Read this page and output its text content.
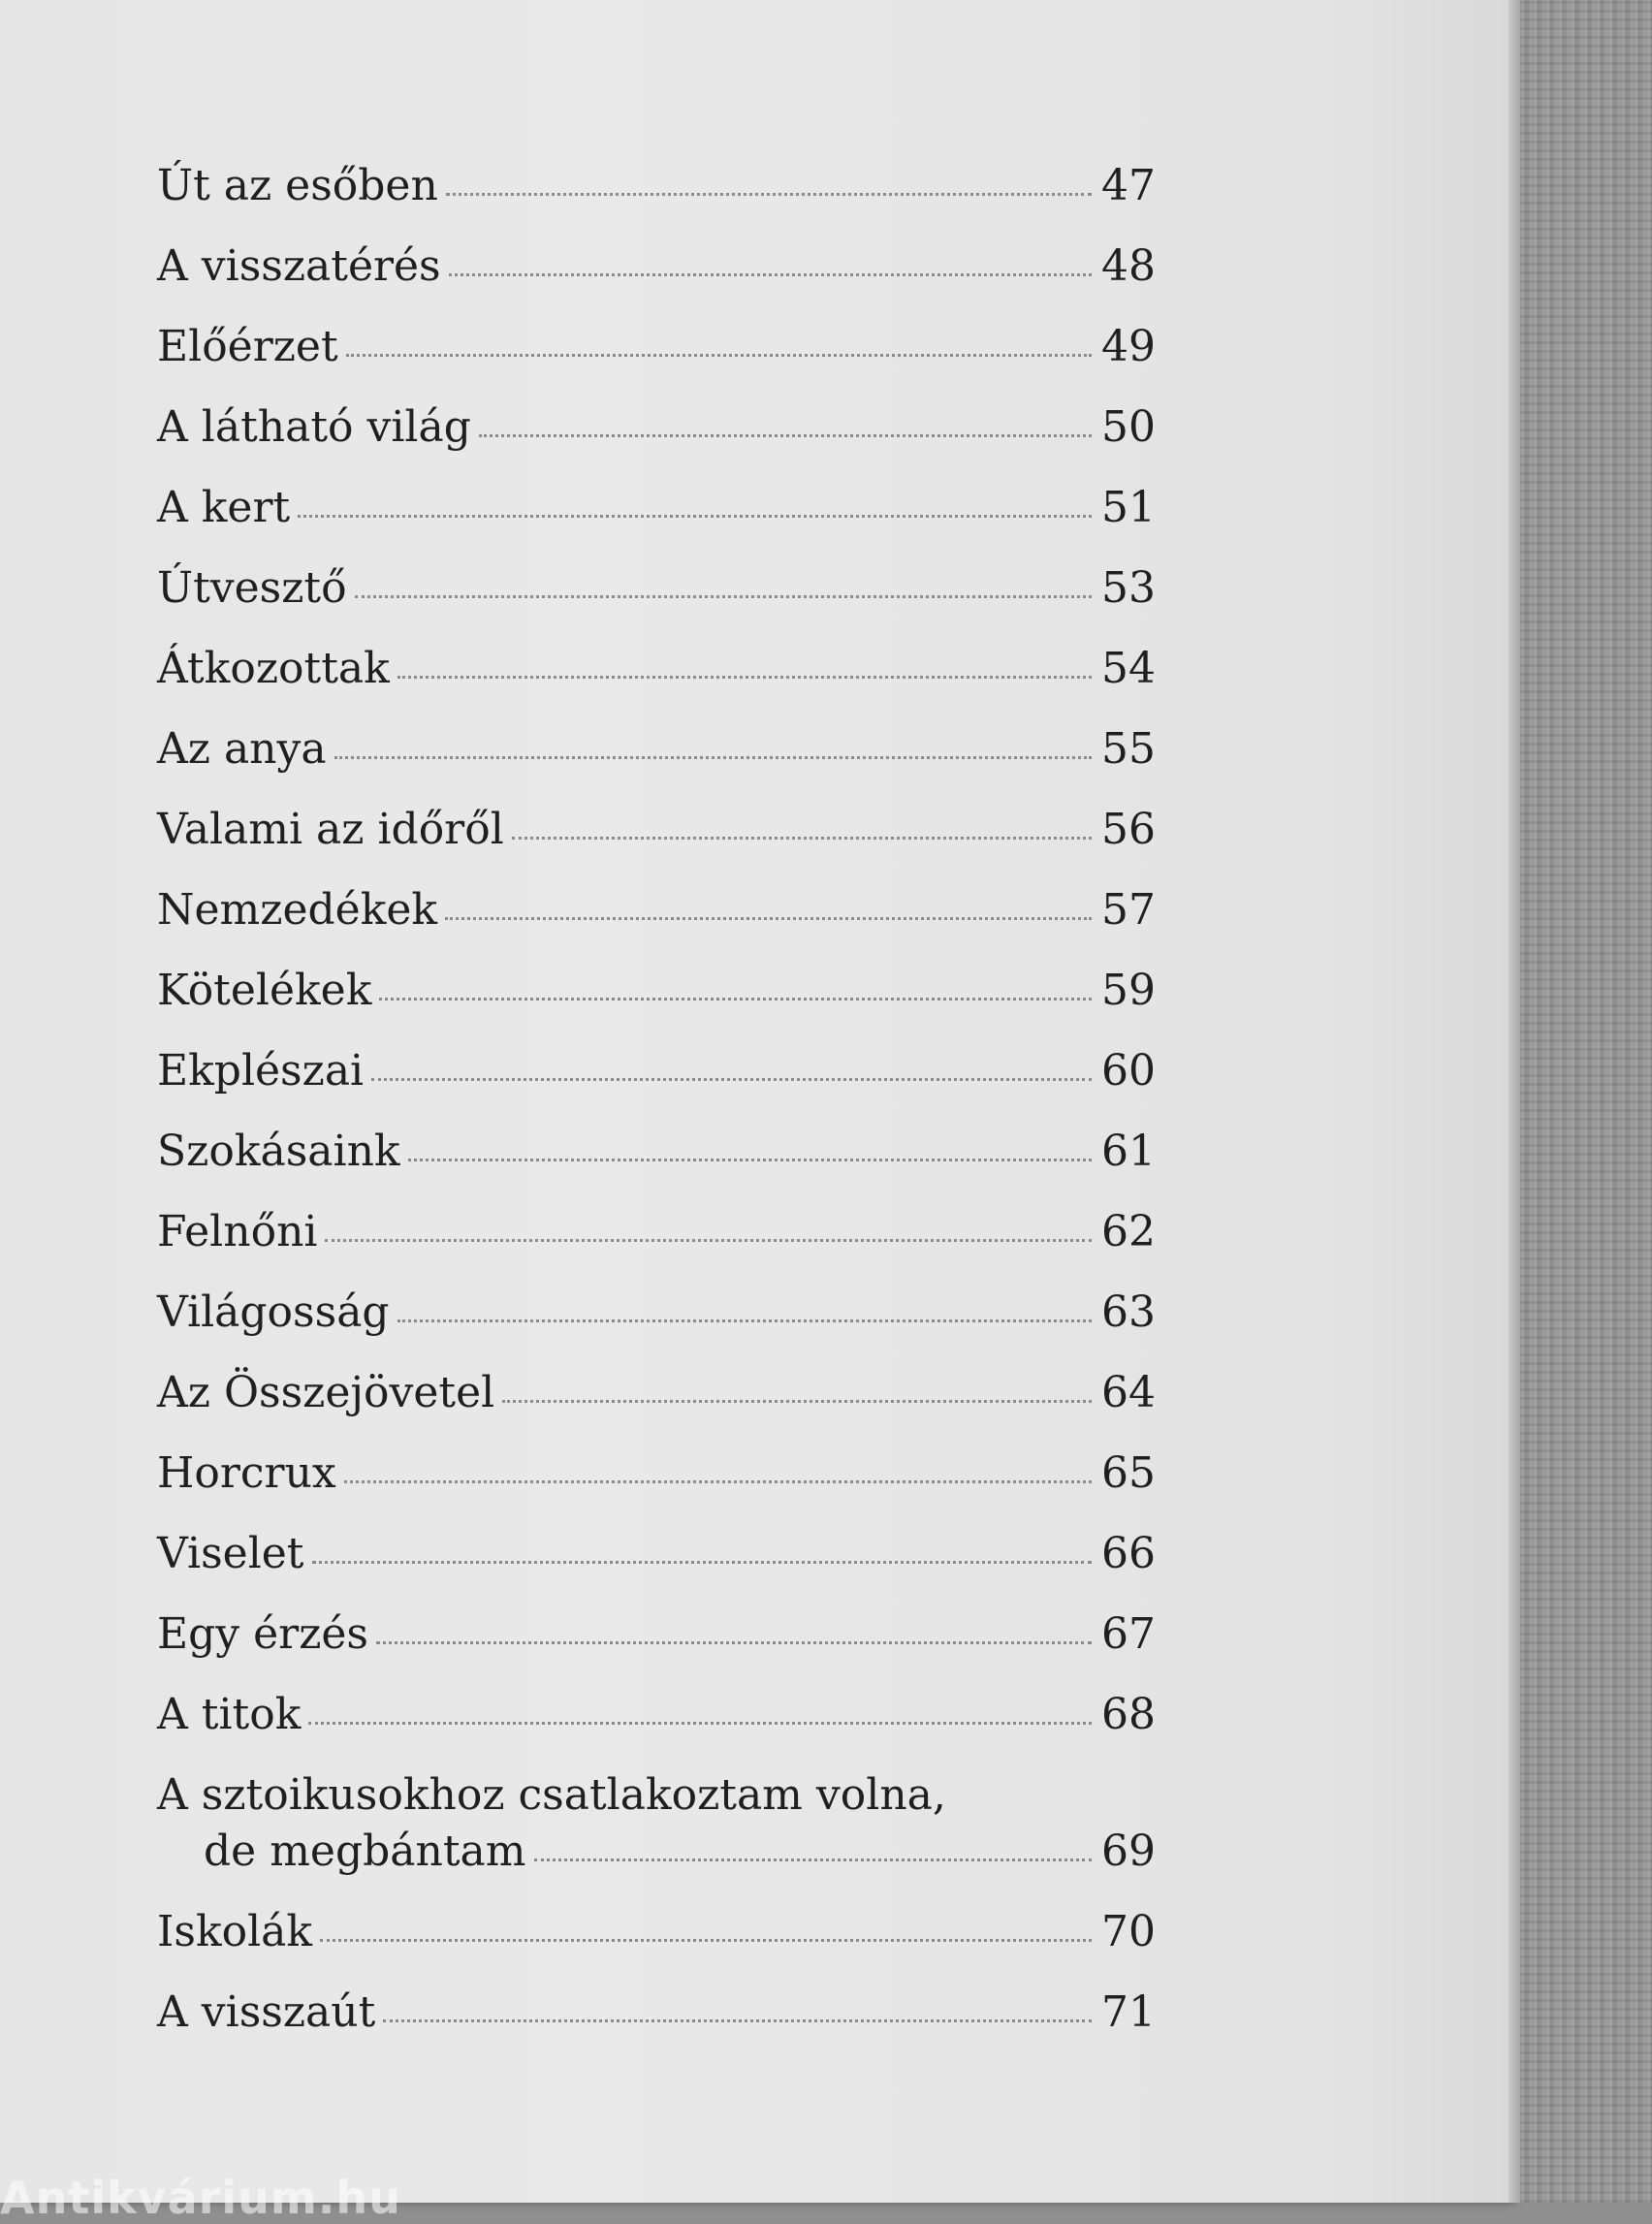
Út az esőben	47
A visszatérés	48
Előérzet	49
A látható világ	50
A kert	51
Útvesztő	53
Átkozottak	54
Az anya	55
Valami az időről	56
Nemzedékek	57
Kötelékek	59
Ekplészai	60
Szokásaink	61
Felnőni	62
Világosság	63
Az Összejövetel	64
Horcrux	65
Viselet	66
Egy érzés	67
A titok	68
A sztoikusokhoz csatlakoztam volna,
de megbántam	69
Iskolák	70
A visszaút	71
Antikvárium.hu
